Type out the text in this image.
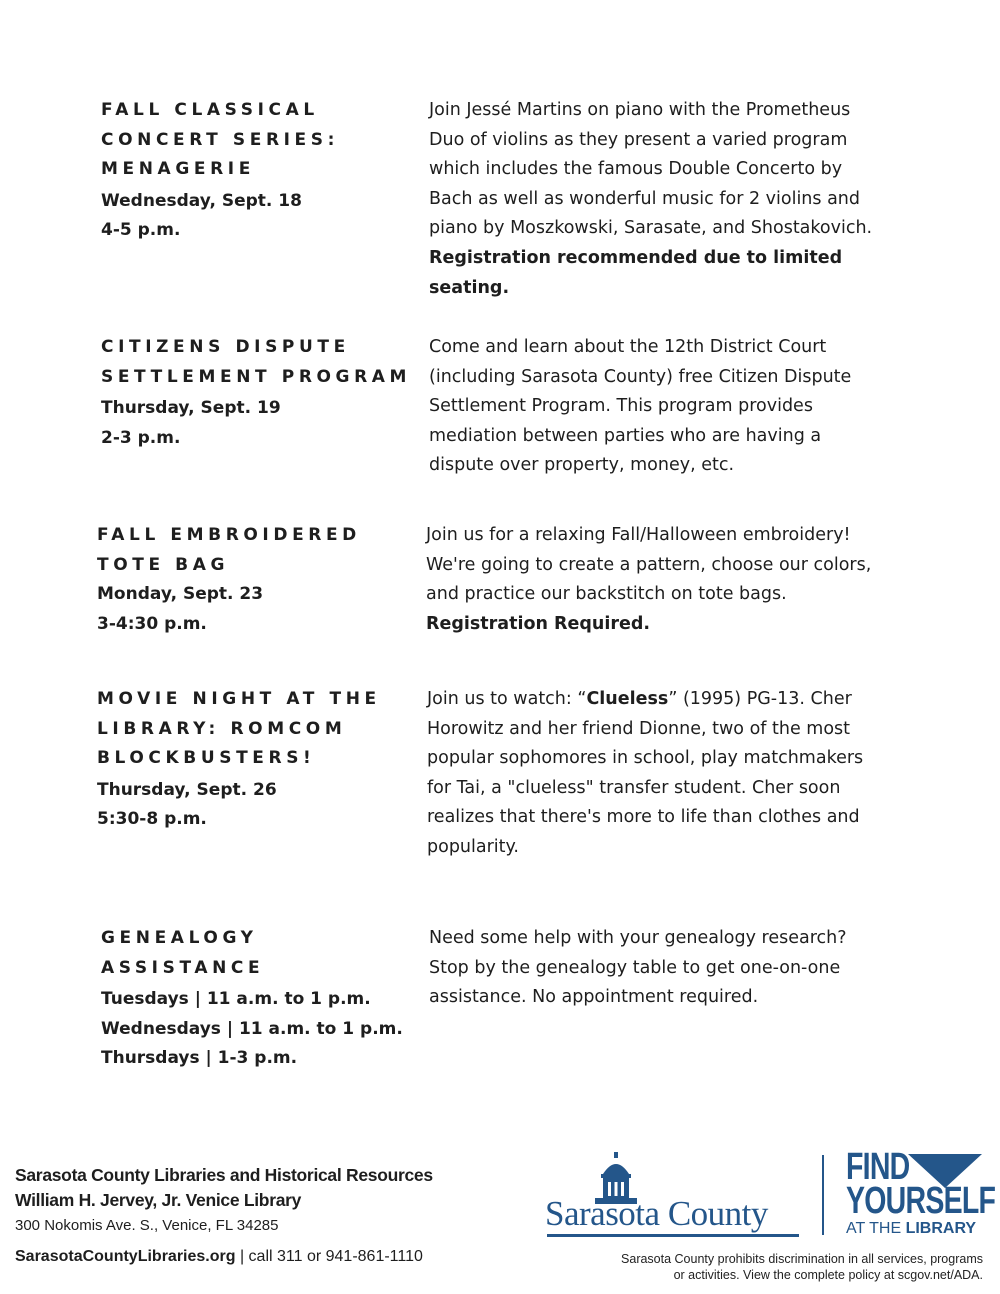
FALL CLASSICAL
CONCERT SERIES:
MENAGERIE
Wednesday, Sept. 18
4-5 p.m.
Join Jessé Martins on piano with the Prometheus
Duo of violins as they present a varied program
which includes the famous Double Concerto by
Bach as well as wonderful music for 2 violins and
piano by Moszkowski, Sarasate, and Shostakovich.
Registration recommended due to limited seating.
CITIZENS DISPUTE
SETTLEMENT PROGRAM
Thursday, Sept. 19
2-3 p.m.
Come and learn about the 12th District Court
(including Sarasota County) free Citizen Dispute
Settlement Program. This program provides
mediation between parties who are having a
dispute over property, money, etc.
FALL EMBROIDERED
TOTE BAG
Monday, Sept. 23
3-4:30 p.m.
Join us for a relaxing Fall/Halloween embroidery!
We're going to create a pattern, choose our colors,
and practice our backstitch on tote bags.
Registration Required.
MOVIE NIGHT AT THE
LIBRARY: ROMCOM
BLOCKBUSTERS!
Thursday, Sept. 26
5:30-8 p.m.
Join us to watch: “Clueless” (1995) PG-13. Cher
Horowitz and her friend Dionne, two of the most
popular sophomores in school, play matchmakers
for Tai, a "clueless" transfer student. Cher soon
realizes that there's more to life than clothes and
popularity.
GENEALOGY
ASSISTANCE
Tuesdays | 11 a.m. to 1 p.m.
Wednesdays | 11 a.m. to 1 p.m.
Thursdays | 1-3 p.m.
Need some help with your genealogy research?
Stop by the genealogy table to get one-on-one
assistance. No appointment required.
Sarasota County Libraries and Historical Resources
William H. Jervey, Jr. Venice Library
300 Nokomis Ave. S., Venice, FL 34285
SarasotaCountyLibraries.org | call 311 or 941-861-1110
Sarasota County
FIND
YOURSELF
AT THE LIBRARY
Sarasota County prohibits discrimination in all services, programs
or activities. View the complete policy at scgov.net/ADA.
